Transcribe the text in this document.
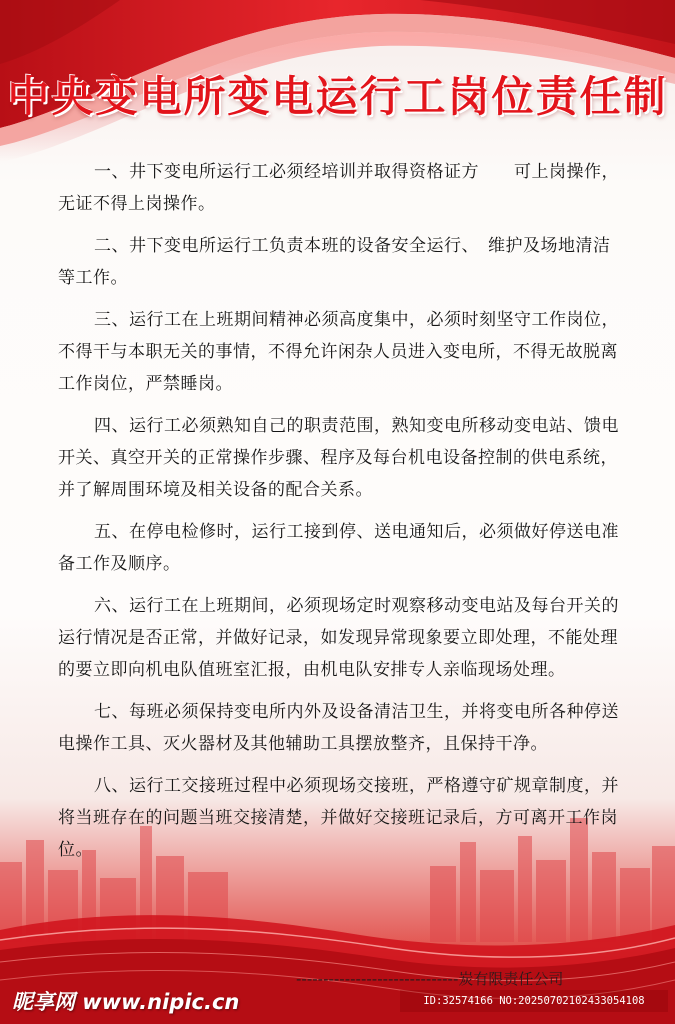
中央变电所变电运行工岗位责任制

一、井下变电所运行工必须经培训并取得资格证方　　可上岗操作，无证不得上岗操作。

二、井下变电所运行工负责本班的设备安全运行、　维护及场地清洁等工作。

三、运行工在上班期间精神必须高度集中，必须时刻坚守工作岗位，不得干与本职无关的事情，不得允许闲杂人员进入变电所，不得无故脱离工作岗位，严禁睡岗。

四、运行工必须熟知自己的职责范围，熟知变电所移动变电站、馈电开关、真空开关的正常操作步骤、程序及每台机电设备控制的供电系统，并了解周围环境及相关设备的配合关系。

五、在停电检修时，运行工接到停、送电通知后，必须做好停送电准备工作及顺序。

六、运行工在上班期间，必须现场定时观察移动变电站及每台开关的运行情况是否正常，并做好记录，如发现异常现象要立即处理，不能处理的要立即向机电队值班室汇报，由机电队安排专人亲临现场处理。

七、每班必须保持变电所内外及设备清洁卫生，并将变电所各种停送电操作工具、灭火器材及其他辅助工具摆放整齐，且保持干净。

八、运行工交接班过程中必须现场交接班，严格遵守矿规章制度，并将当班存在的问题当班交接清楚，并做好交接班记录后，方可离开工作岗位。

------------------------------炭有限责任公司
昵享网 www.nipic.cn	ID:32574166 NO:20250702102433054108
